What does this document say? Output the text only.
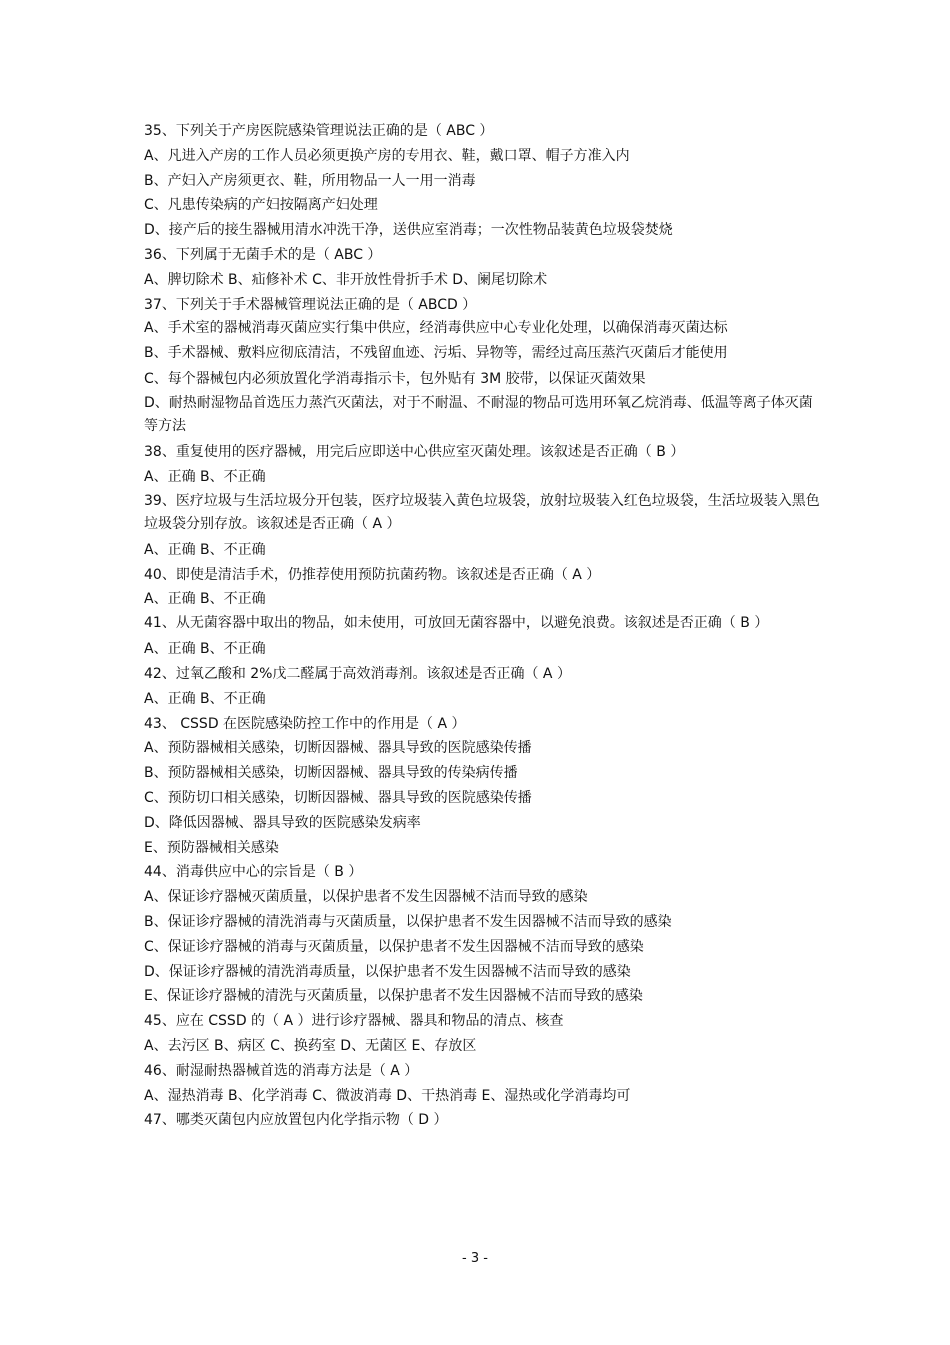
35、下列关于产房医院感染管理说法正确的是（ ABC ）
A、凡进入产房的工作人员必须更换产房的专用衣、鞋，戴口罩、帽子方准入内
B、产妇入产房须更衣、鞋，所用物品一人一用一消毒
C、凡患传染病的产妇按隔离产妇处理
D、接产后的接生器械用清水冲洗干净，送供应室消毒；一次性物品装黄色垃圾袋焚烧
36、下列属于无菌手术的是（ ABC ）
A、脾切除术 B、疝修补术 C、非开放性骨折手术 D、阑尾切除术
37、下列关于手术器械管理说法正确的是（ ABCD ）
A、手术室的器械消毒灭菌应实行集中供应，经消毒供应中心专业化处理，以确保消毒灭菌达标
B、手术器械、敷料应彻底清洁，不残留血迹、污垢、异物等，需经过高压蒸汽灭菌后才能使用
C、每个器械包内必须放置化学消毒指示卡，包外贴有 3M 胶带，以保证灭菌效果
D、耐热耐湿物品首选压力蒸汽灭菌法，对于不耐温、不耐湿的物品可选用环氧乙烷消毒、低温等离子体灭菌等方法
38、重复使用的医疗器械，用完后应即送中心供应室灭菌处理。该叙述是否正确（ B ）
A、正确 B、不正确
39、医疗垃圾与生活垃圾分开包装，医疗垃圾装入黄色垃圾袋，放射垃圾装入红色垃圾袋，生活垃圾装入黑色垃圾袋分别存放。该叙述是否正确（ A ）
A、正确 B、不正确
40、即使是清洁手术，仍推荐使用预防抗菌药物。该叙述是否正确（ A ）
A、正确 B、不正确
41、从无菌容器中取出的物品，如未使用，可放回无菌容器中，以避免浪费。该叙述是否正确（ B ）
A、正确 B、不正确
42、过氧乙酸和 2%戊二醛属于高效消毒剂。该叙述是否正确（ A ）
A、正确 B、不正确
43、 CSSD 在医院感染防控工作中的作用是（ A ）
A、预防器械相关感染，切断因器械、器具导致的医院感染传播
B、预防器械相关感染，切断因器械、器具导致的传染病传播
C、预防切口相关感染，切断因器械、器具导致的医院感染传播
D、降低因器械、器具导致的医院感染发病率
E、预防器械相关感染
44、消毒供应中心的宗旨是（ B ）
A、保证诊疗器械灭菌质量，以保护患者不发生因器械不洁而导致的感染
B、保证诊疗器械的清洗消毒与灭菌质量，以保护患者不发生因器械不洁而导致的感染
C、保证诊疗器械的消毒与灭菌质量，以保护患者不发生因器械不洁而导致的感染
D、保证诊疗器械的清洗消毒质量，以保护患者不发生因器械不洁而导致的感染
E、保证诊疗器械的清洗与灭菌质量，以保护患者不发生因器械不洁而导致的感染
45、应在 CSSD 的（ A ）进行诊疗器械、器具和物品的清点、核查
A、去污区 B、病区 C、换药室 D、无菌区 E、存放区
46、耐湿耐热器械首选的消毒方法是（ A ）
A、湿热消毒 B、化学消毒 C、微波消毒 D、干热消毒 E、湿热或化学消毒均可
47、哪类灭菌包内应放置包内化学指示物（ D ）
- 3 -
